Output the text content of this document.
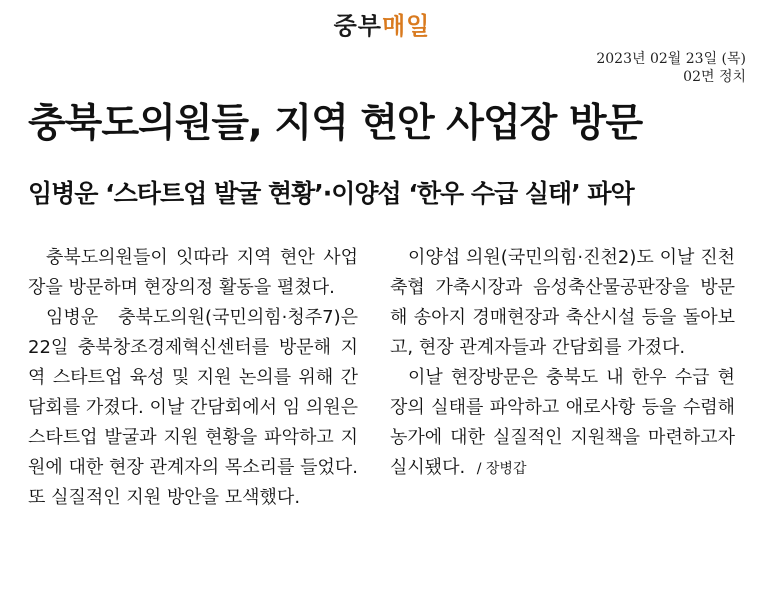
중부매일
2023년 02월 23일 (목)
02면 정치
충북도의원들, 지역 현안 사업장 방문
임병운 ‘스타트업 발굴 현황’·이양섭 ‘한우 수급 실태’ 파악

충북도의원들이 잇따라 지역 현안 사업장을 방문하며 현장의정 활동을 펼쳤다.

임병운 충북도의원(국민의힘·청주7)은 22일 충북창조경제혁신센터를 방문해 지역 스타트업 육성 및 지원 논의를 위해 간담회를 가졌다. 이날 간담회에서 임 의원은 스타트업 발굴과 지원 현황을 파악하고 지원에 대한 현장 관계자의 목소리를 들었다. 또 실질적인 지원 방안을 모색했다.

이양섭 의원(국민의힘·진천2)도 이날 진천축협 가축시장과 음성축산물공판장을 방문해 송아지 경매현장과 축산시설 등을 돌아보고, 현장 관계자들과 간담회를 가졌다.

이날 현장방문은 충북도 내 한우 수급 현장의 실태를 파악하고 애로사항 등을 수렴해 농가에 대한 실질적인 지원책을 마련하고자 실시됐다. / 장병갑
